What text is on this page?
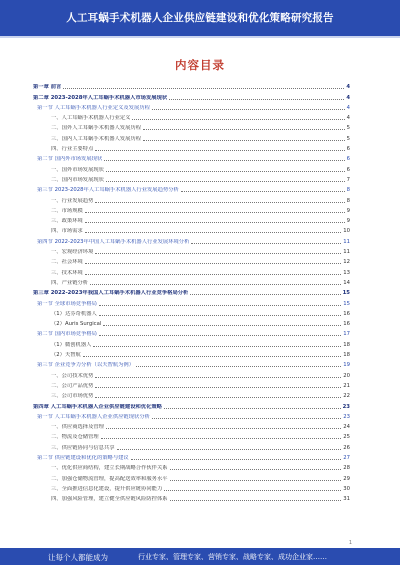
人工耳蜗手术机器人企业供应链建设和优化策略研究报告
内容目录
第一章 前言	4
第二章 2023-2028年人工耳蜗手术机器人市场发展现状	4
第一节 人工耳蜗手术机器人行业定义及发展历程	4
一、人工耳蜗手术机器人行业定义	4
二、国外人工耳蜗手术机器人发展历程	5
三、国内人工耳蜗手术机器人发展历程	5
四、行业主要特点	6
第二节 国内外市场发展现状	6
一、国外市场发展现状	6
二、国内市场发展现状	7
第三节 2023-2028年人工耳蜗手术机器人行业发展趋势分析	8
一、行业发展趋势	8
二、市场规模	9
三、政策环境	9
四、市场需求	10
第四节 2022-2023年中国人工耳蜗手术机器人行业发展环境分析	11
一、宏观经济环境	11
二、社会环境	12
三、技术环境	13
四、产业链分析	14
第三章 2022-2023年我国人工耳蜗手术机器人行业竞争格局分析	15
第一节 全球市场竞争格局	15
（1）达芬奇机器人	16
（2）Auris Surgical	16
第二节 国内市场竞争格局	17
（1）微创机器人	18
（2）天智航	18
第三节 企业竞争力分析（以天智航为例）	19
一、公司技术优势	20
二、公司产品优势	21
三、公司市场优势	22
第四章 人工耳蜗手术机器人企业供应链建设和优化策略	23
第一节 人工耳蜗手术机器人企业供应链现状分析	23
一、供应商选择及管理	24
二、物流及仓储管理	25
三、供应链协同与信息共享	26
第二节 供应链建设和优化的策略与建议	27
一、优化供应商结构，建立长期战略合作伙伴关系	28
二、加强仓储物流管理，提高配送效率和服务水平	29
三、全面推进信息化建设，提升供应链协同能力	30
四、加强风险管理，建立健全供应链风险防控体系	31
1
让每个人都能成为	行业专家、管理专家、营销专家、战略专家、成功企业家……
